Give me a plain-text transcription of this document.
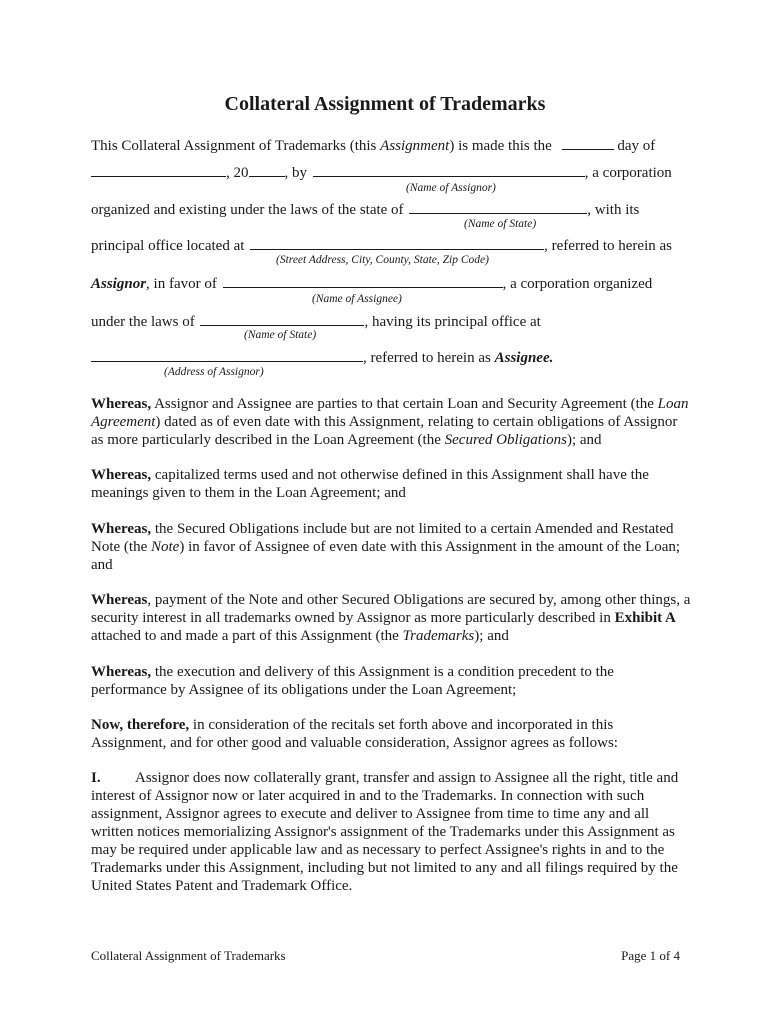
Collateral Assignment of Trademarks
This Collateral Assignment of Trademarks (this Assignment) is made this the	day of
, 20 , by	, a corporation
(Name of Assignor)
organized and existing under the laws of the state of	, with its
(Name of State)
principal office located at	, referred to herein as
(Street Address, City, County, State, Zip Code)
Assignor, in favor of	, a corporation organized
(Name of Assignee)
under the laws of	, having its principal office at
(Name of State)
, referred to herein as Assignee.
(Address of Assignor)

Whereas, Assignor and Assignee are parties to that certain Loan and Security Agreement (the Loan Agreement) dated as of even date with this Assignment, relating to certain obligations of Assignor as more particularly described in the Loan Agreement (the Secured Obligations); and

Whereas, capitalized terms used and not otherwise defined in this Assignment shall have the meanings given to them in the Loan Agreement; and

Whereas, the Secured Obligations include but are not limited to a certain Amended and Restated Note (the Note) in favor of Assignee of even date with this Assignment in the amount of the Loan; and

Whereas, payment of the Note and other Secured Obligations are secured by, among other things, a security interest in all trademarks owned by Assignor as more particularly described in Exhibit A attached to and made a part of this Assignment (the Trademarks); and

Whereas, the execution and delivery of this Assignment is a condition precedent to the performance by Assignee of its obligations under the Loan Agreement;

Now, therefore, in consideration of the recitals set forth above and incorporated in this Assignment, and for other good and valuable consideration, Assignor agrees as follows:

I. Assignor does now collaterally grant, transfer and assign to Assignee all the right, title and interest of Assignor now or later acquired in and to the Trademarks. In connection with such assignment, Assignor agrees to execute and deliver to Assignee from time to time any and all written notices memorializing Assignor's assignment of the Trademarks under this Assignment as may be required under applicable law and as necessary to perfect Assignee's rights in and to the Trademarks under this Assignment, including but not limited to any and all filings required by the United States Patent and Trademark Office.

Collateral Assignment of Trademarks	Page 1 of 4
